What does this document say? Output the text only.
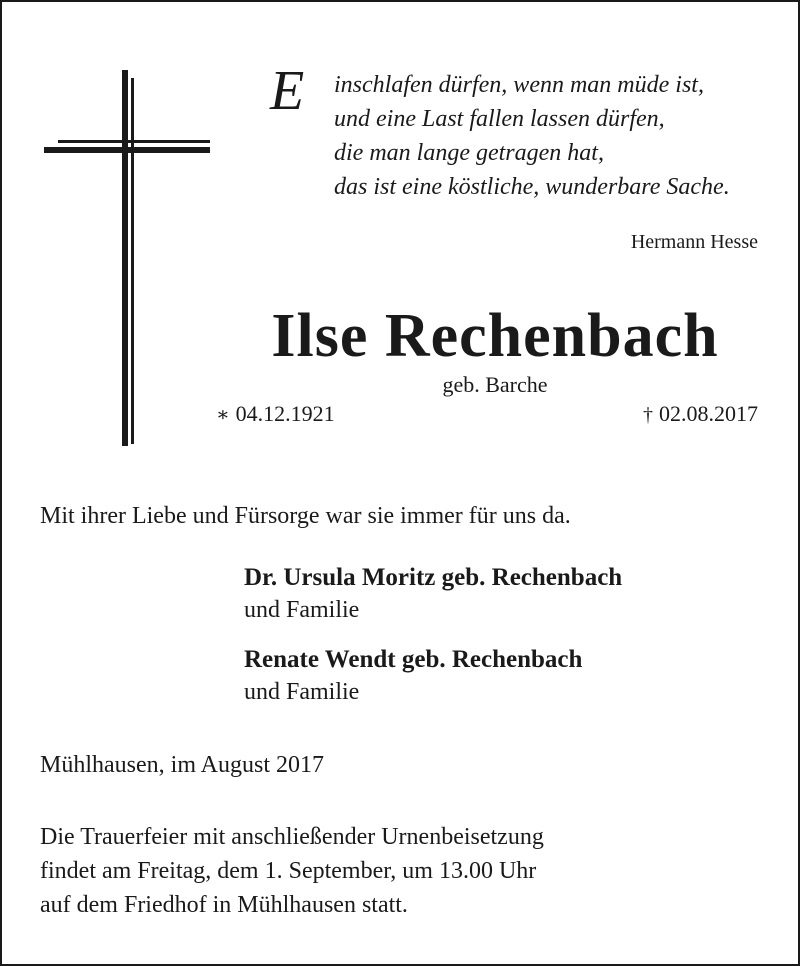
E inschlafen dürfen, wenn man müde ist,
und eine Last fallen lassen dürfen,
die man lange getragen hat,
das ist eine köstliche, wunderbare Sache.
Hermann Hesse
Ilse Rechenbach
geb. Barche
∗ 04.12.1921	† 02.08.2017
Mit ihrer Liebe und Fürsorge war sie immer für uns da.
Dr. Ursula Moritz geb. Rechenbach
und Familie
Renate Wendt geb. Rechenbach
und Familie
Mühlhausen, im August 2017
Die Trauerfeier mit anschließender Urnenbeisetzung
findet am Freitag, dem 1. September, um 13.00 Uhr
auf dem Friedhof in Mühlhausen statt.
